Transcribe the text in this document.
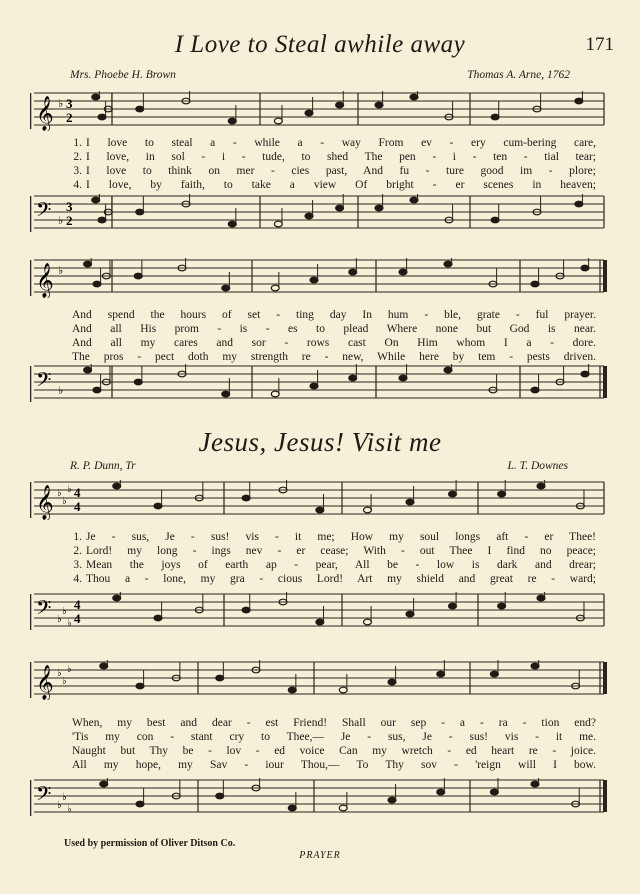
171
I Love to Steal awhile away
Mrs. Phoebe H. Brown	Thomas A. Arne, 1762
𝄞 ♭ 3
2
1. I love to steal a - while a - way From ev - ery cum-bering care,
2. I love, in sol - i - tude, to shed The pen - i - ten - tial tear;
3. I love to think on mer - cies past, And fu - ture good im - plore;
4. I love, by faith, to take a view Of bright - er scenes in heaven;
𝄢 ♭
3
2
𝄞 ♭
And spend the hours of set - ting day In hum - ble, grate - ful prayer.
And all His prom - is - es to plead Where none but God is near.
And all my cares and sor - rows cast On Him whom I a - dore.
The pros - pect doth my strength re - new, While here by tem - pests driven.
𝄢 ♭
Jesus, Jesus! Visit me
R. P. Dunn, Tr	L. T. Downes
𝄞 ♭
♭
♭ 4
4
1. Je - sus, Je - sus! vis - it me; How my soul longs aft - er Thee!
2. Lord! my long - ings nev - er cease; With - out Thee I find no peace;
3. Mean the joys of earth ap - pear, All be - low is dark and drear;
4. Thou a - lone, my gra - cious Lord! Art my shield and great re - ward;
𝄢 ♭
♭
♭
4
4
𝄞 ♭
♭
♭
When, my best and dear - est Friend! Shall our sep - a - ra - tion end?
'Tis my con - stant cry to Thee,— Je - sus, Je - sus! vis - it me.
Naught but Thy be - lov - ed voice Can my wretch - ed heart re - joice.
All my hope, my Sav - iour Thou,— To Thy sov - 'reign will I bow.
𝄢 ♭
♭
♭
Used by permission of Oliver Ditson Co.
PRAYER
